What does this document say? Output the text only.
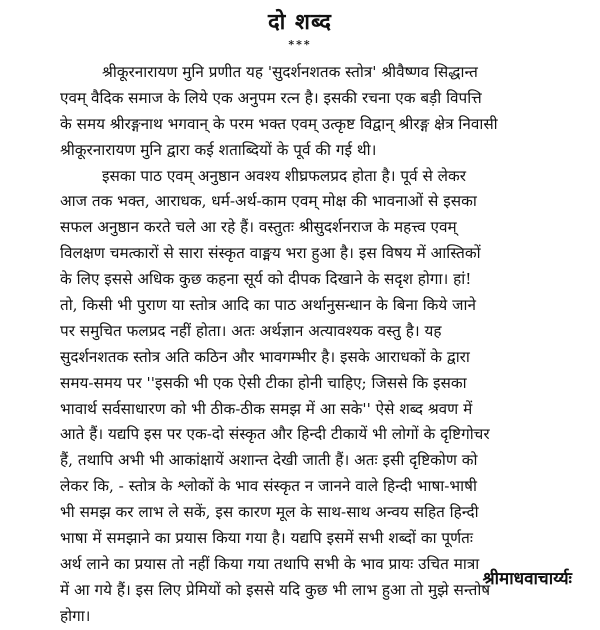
दो शब्द
***
श्रीकूरनारायण मुनि प्रणीत यह 'सुदर्शनशतक स्तोत्र' श्रीवैष्णव सिद्धान्त
एवम् वैदिक समाज के लिये एक अनुपम रत्न है। इसकी रचना एक बड़ी विपत्ति
के समय श्रीरङ्गनाथ भगवान् के परम भक्त एवम् उत्कृष्ट विद्वान् श्रीरङ्ग क्षेत्र निवासी
श्रीकूरनारायण मुनि द्वारा कई शताब्दियों के पूर्व की गई थी।
इसका पाठ एवम् अनुष्ठान अवश्य शीघ्रफलप्रद होता है। पूर्व से लेकर
आज तक भक्त, आराधक, धर्म-अर्थ-काम एवम् मोक्ष की भावनाओं से इसका
सफल अनुष्ठान करते चले आ रहे हैं। वस्तुतः श्रीसुदर्शनराज के महत्त्व एवम्
विलक्षण चमत्कारों से सारा संस्कृत वाङ्मय भरा हुआ है। इस विषय में आस्तिकों
के लिए इससे अधिक कुछ कहना सूर्य को दीपक दिखाने के सदृश होगा। हां!
तो, किसी भी पुराण या स्तोत्र आदि का पाठ अर्थानुसन्धान के बिना किये जाने
पर समुचित फलप्रद नहीं होता। अतः अर्थज्ञान अत्यावश्यक वस्तु है। यह
सुदर्शनशतक स्तोत्र अति कठिन और भावगम्भीर है। इसके आराधकों के द्वारा
समय-समय पर ''इसकी भी एक ऐसी टीका होनी चाहिए; जिससे कि इसका
भावार्थ सर्वसाधारण को भी ठीक-ठीक समझ में आ सके'' ऐसे शब्द श्रवण में
आते हैं। यद्यपि इस पर एक-दो संस्कृत और हिन्दी टीकायें भी लोगों के दृष्टिगोचर
हैं, तथापि अभी भी आकांक्षायें अशान्त देखी जाती हैं। अतः इसी दृष्टिकोण को
लेकर कि, - स्तोत्र के श्लोकों के भाव संस्कृत न जानने वाले हिन्दी भाषा-भाषी
भी समझ कर लाभ ले सकें, इस कारण मूल के साथ-साथ अन्वय सहित हिन्दी
भाषा में समझाने का प्रयास किया गया है। यद्यपि इसमें सभी शब्दों का पूर्णतः
अर्थ लाने का प्रयास तो नहीं किया गया तथापि सभी के भाव प्रायः उचित मात्रा
में आ गये हैं। इस लिए प्रेमियों को इससे यदि कुछ भी लाभ हुआ तो मुझे सन्तोष
होगा।
श्रीमाधवाचार्य्यः
